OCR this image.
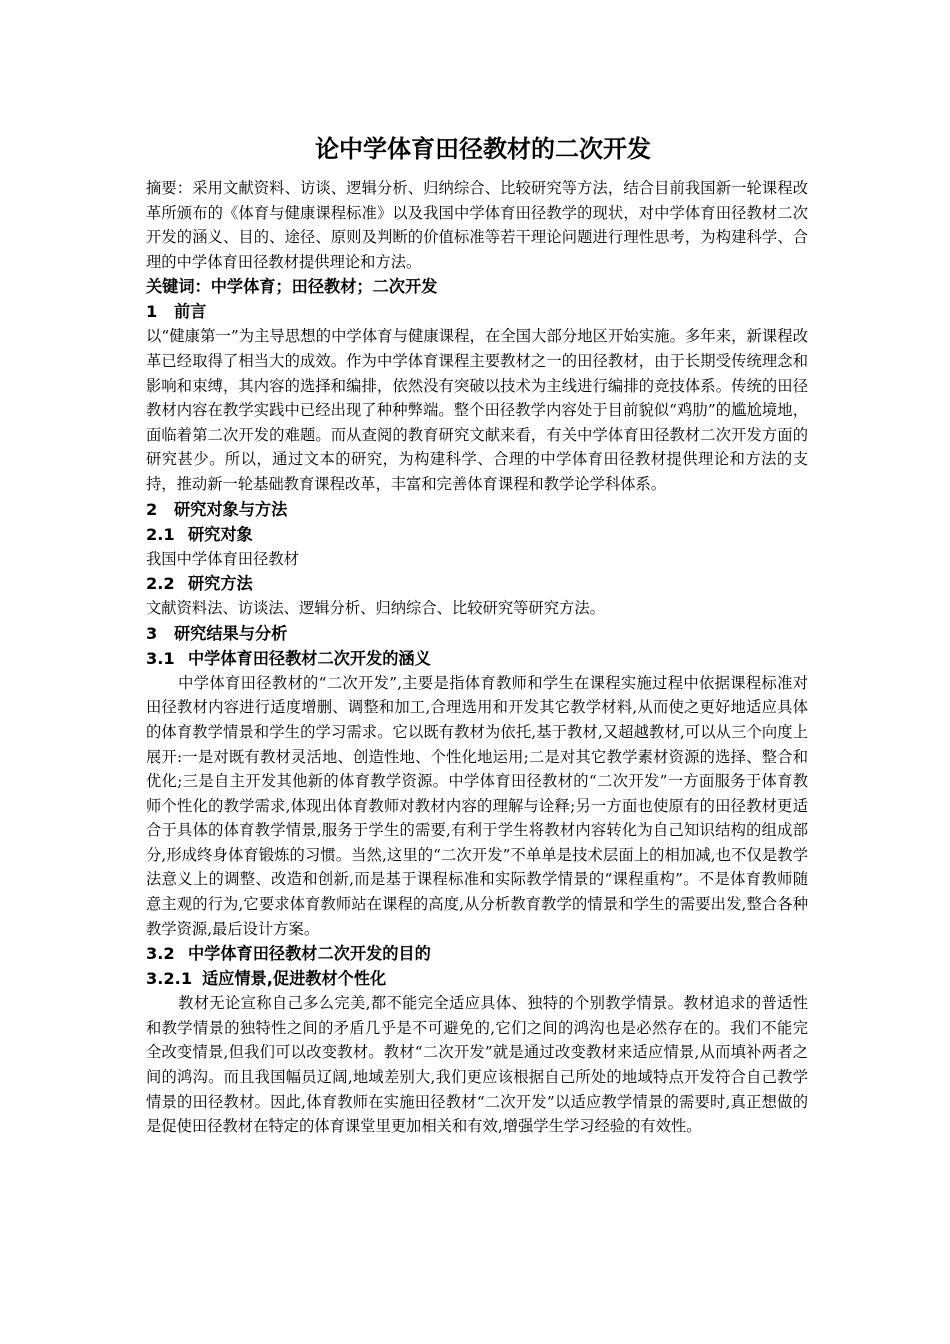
论中学体育田径教材的二次开发

摘要：采用文献资料、访谈、逻辑分析、归纳综合、比较研究等方法，结合目前我国新一轮课程改革所颁布的《体育与健康课程标准》以及我国中学体育田径教学的现状，对中学体育田径教材二次开发的涵义、目的、途径、原则及判断的价值标准等若干理论问题进行理性思考，为构建科学、合理的中学体育田径教材提供理论和方法。

关键词：中学体育；田径教材；二次开发

1 前言

以“健康第一”为主导思想的中学体育与健康课程，在全国大部分地区开始实施。多年来，新课程改革已经取得了相当大的成效。作为中学体育课程主要教材之一的田径教材，由于长期受传统理念和影响和束缚，其内容的选择和编排，依然没有突破以技术为主线进行编排的竞技体系。传统的田径教材内容在教学实践中已经出现了种种弊端。整个田径教学内容处于目前貌似“鸡肋”的尴尬境地，面临着第二次开发的难题。而从查阅的教育研究文献来看，有关中学体育田径教材二次开发方面的研究甚少。所以，通过文本的研究，为构建科学、合理的中学体育田径教材提供理论和方法的支持，推动新一轮基础教育课程改革，丰富和完善体育课程和教学论学科体系。

2 研究对象与方法
2.1 研究对象

我国中学体育田径教材

2.2 研究方法

文献资料法、访谈法、逻辑分析、归纳综合、比较研究等研究方法。

3 研究结果与分析
3.1 中学体育田径教材二次开发的涵义

中学体育田径教材的“二次开发”,主要是指体育教师和学生在课程实施过程中依据课程标准对田径教材内容进行适度增删、调整和加工,合理选用和开发其它教学材料,从而使之更好地适应具体的体育教学情景和学生的学习需求。它以既有教材为依托,基于教材,又超越教材,可以从三个向度上展开:一是对既有教材灵活地、创造性地、个性化地运用;二是对其它教学素材资源的选择、整合和优化;三是自主开发其他新的体育教学资源。中学体育田径教材的“二次开发”一方面服务于体育教师个性化的教学需求,体现出体育教师对教材内容的理解与诠释;另一方面也使原有的田径教材更适合于具体的体育教学情景,服务于学生的需要,有利于学生将教材内容转化为自己知识结构的组成部分,形成终身体育锻炼的习惯。当然,这里的“二次开发”不单单是技术层面上的相加减,也不仅是教学法意义上的调整、改造和创新,而是基于课程标准和实际教学情景的“课程重构”。不是体育教师随意主观的行为,它要求体育教师站在课程的高度,从分析教育教学的情景和学生的需要出发,整合各种教学资源,最后设计方案。

3.2 中学体育田径教材二次开发的目的
3.2.1 适应情景,促进教材个性化

教材无论宣称自己多么完美,都不能完全适应具体、独特的个别教学情景。教材追求的普适性和教学情景的独特性之间的矛盾几乎是不可避免的,它们之间的鸿沟也是必然存在的。我们不能完全改变情景,但我们可以改变教材。教材“二次开发”就是通过改变教材来适应情景,从而填补两者之间的鸿沟。而且我国幅员辽阔,地域差别大,我们更应该根据自己所处的地域特点开发符合自己教学情景的田径教材。因此,体育教师在实施田径教材“二次开发”以适应教学情景的需要时,真正想做的是促使田径教材在特定的体育课堂里更加相关和有效,增强学生学习经验的有效性。
